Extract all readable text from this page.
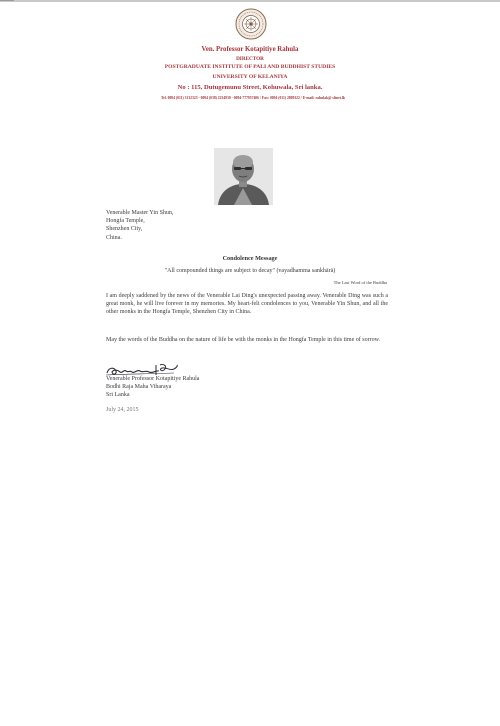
Ven. Professor Kotapitiye Rahula
DIRECTOR
POSTGRADUATE INSTITUTE OF PALI AND BUDDHIST STUDIES
UNIVERSITY OF KELANIYA
No : 115, Dutugemunu Street, Kohuwala, Sri lanka.
Tel. 0094 (011) 3132323 - 0094 (038) 2234930 - 0094-777957406 / Fax: 0094 (011) 2809322 / E-mail: rahulak@ sltnet.lk
Venerable Master Yin Shun,
Hongfa Temple,
Shenzhen City,
China.
Condolence Message
"All compounded things are subject to decay" (vayadhamma sankhārā)
The Last Word of the Buddha
I am deeply saddened by the news of the Venerable Lai Ding's unexpected passing away. Venerable Ding was such a great monk, he will live forever in my memories. My heart-felt condolences to you, Venerable Yin Shun, and all the other monks in the Hongfa Temple, Shenzhen City in China.
May the words of the Buddha on the nature of life be with the monks in the Hongfa Temple in this time of sorrow.
Venerable Professor Kotapitiye Rahula
Bodhi Raja Maha Viharaya
Sri Lanka
July 24, 2015
